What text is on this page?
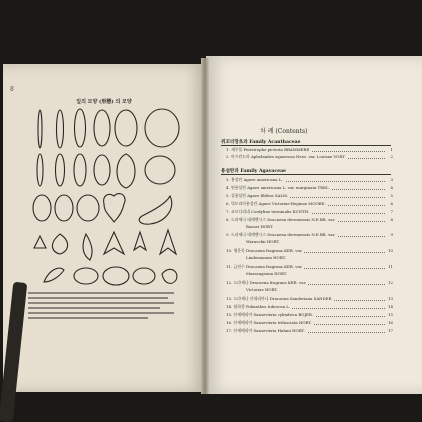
8
잎의 모양 (形態) 의 모양
차 례 (Contents)
쥐꼬리망초과 Family Acanthaceae
1. 새우풀 Peristrophe pictoria BRAMMERE	1
2. 아프란드라 Aphelandra squarrosa Nees. var. Louisae VORT	2
용설란과 Family Agavaceae
3. 용설란 Agave americana L.	3
4. 연용설란 Agave americana L. var. marginata TREL.	4
5. 실용설란 Agave filifera SALM.	5
6. 빅토리아용설란 Agave Victoriae-Reginae MOORE.	6
7. 코르디리네 Cordyline terminalis KUNTH.	7
8. 드라세나 데레멘시스 Dracaena deremensis N.E.BR. var.	8
Bausei HORT.
9. 드라세나 데레멘시스 Dracaena deremensis N.E.BR. var.	9
Warneckii HORT.
10. 행운목 Dracaena fragrans KER. var.	10
Lindenianum HORT.
11. 금전수 Dracaena fragrans KER. var.	11
Massangeana HORT.
12. 드라세나 Dracaena fragrans KER. var.	12
Victoriae HORT.
13. 드라세나 산데리아나 Dracaena Sanderiana SANDER	13
14. 월하향 Polianthes tuberosa L.	14
15. 산세베리아 Sansevieria cylindrica BOJER.	15
16. 산세베리아 Sansevieria trifasciata HORT.	16
17. 산세베리아 Sansevieria Hahnii HORT.	17
